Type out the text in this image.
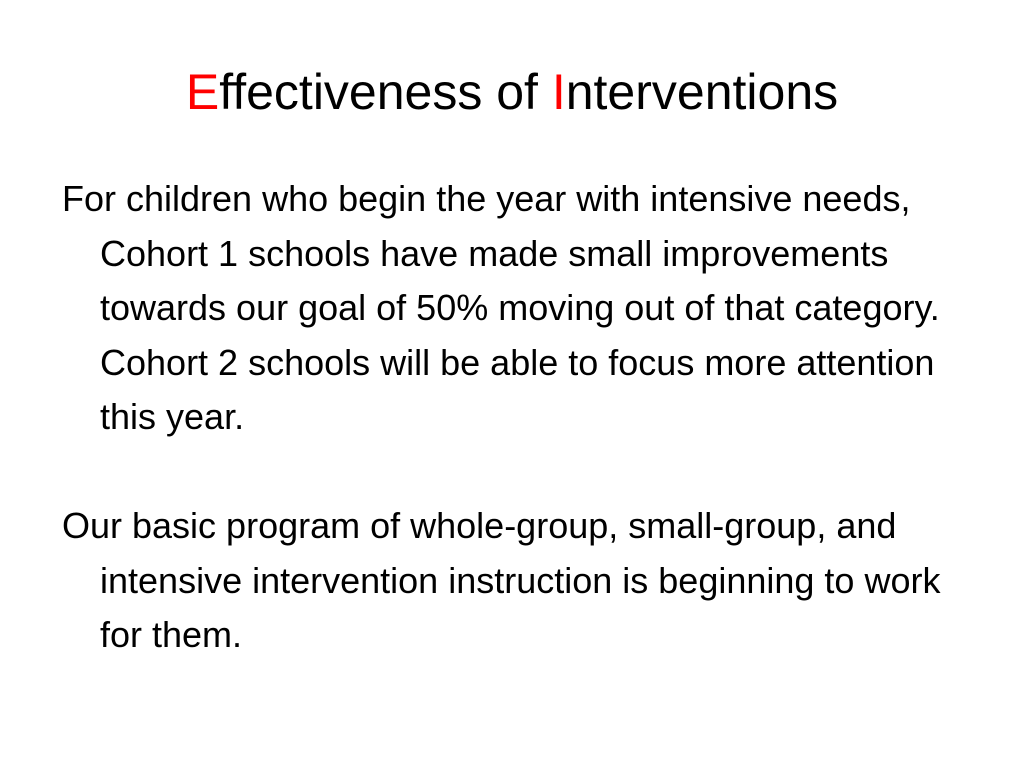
Effectiveness of Interventions

For children who begin the year with intensive needs, Cohort 1 schools have made small improvements towards our goal of 50% moving out of that category. Cohort 2 schools will be able to focus more attention this year.

Our basic program of whole-group, small-group, and intensive intervention instruction is beginning to work for them.
